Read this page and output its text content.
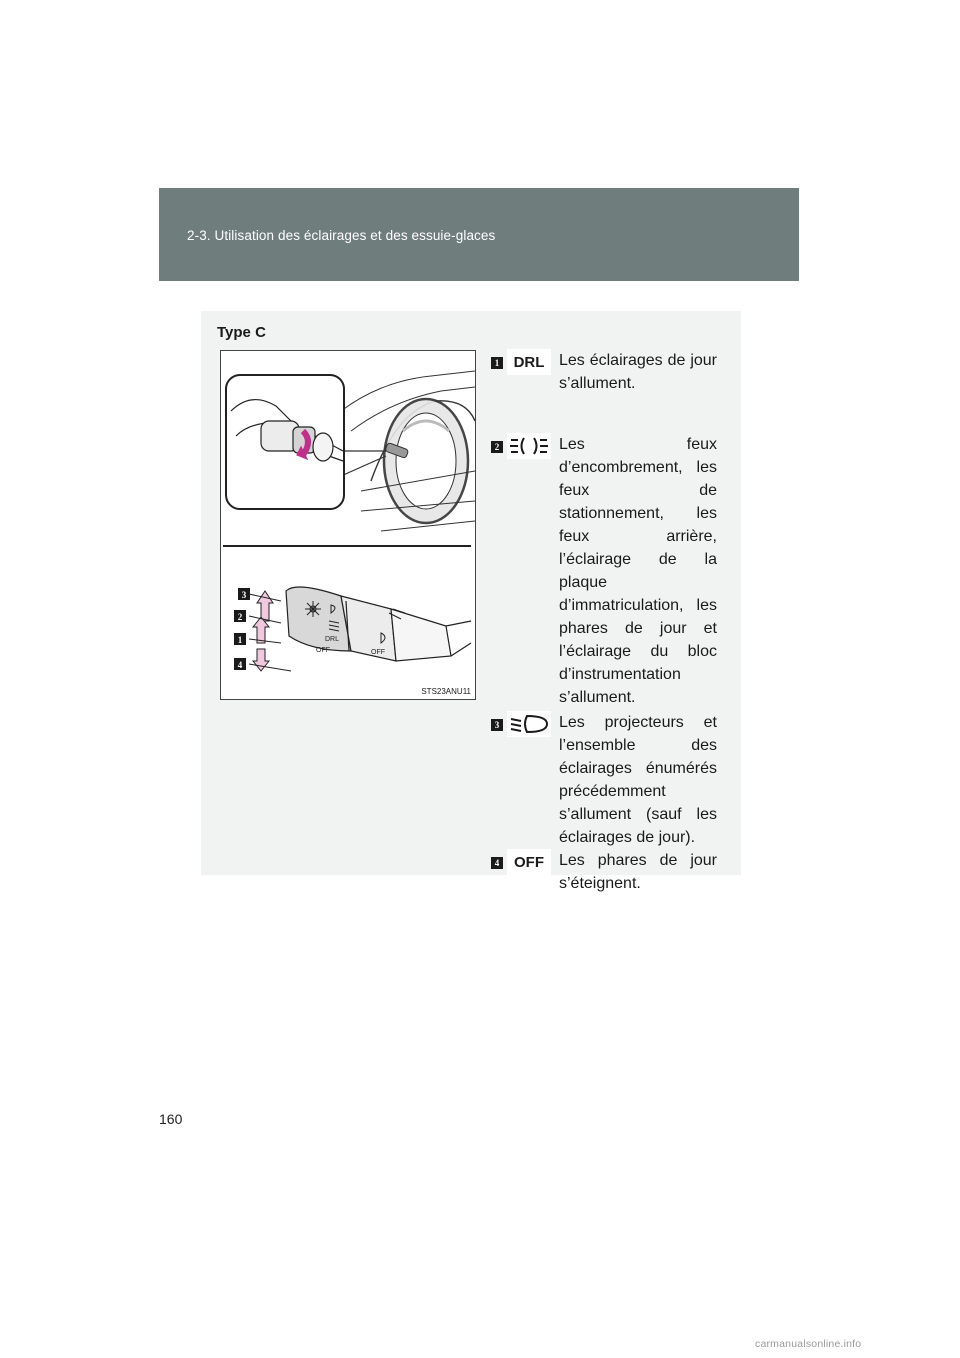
2-3. Utilisation des éclairages et des essuie-glaces
Type C
3
2
1
4
DRL
OFF	OFF
STS23ANU11
1 DRL Les éclairages de jour s’allument.
2	Les feux d’encombrement, les feux de stationnement, les feux arrière, l’éclairage de la plaque d’immatriculation, les phares de jour et l’éclairage du bloc d’instrumentation s’allument.
3	Les projecteurs et l’ensemble des éclairages énumérés précédemment s’allument (sauf les éclairages de jour).
4 OFF Les phares de jour s’éteignent.
160
carmanualsonline.info
